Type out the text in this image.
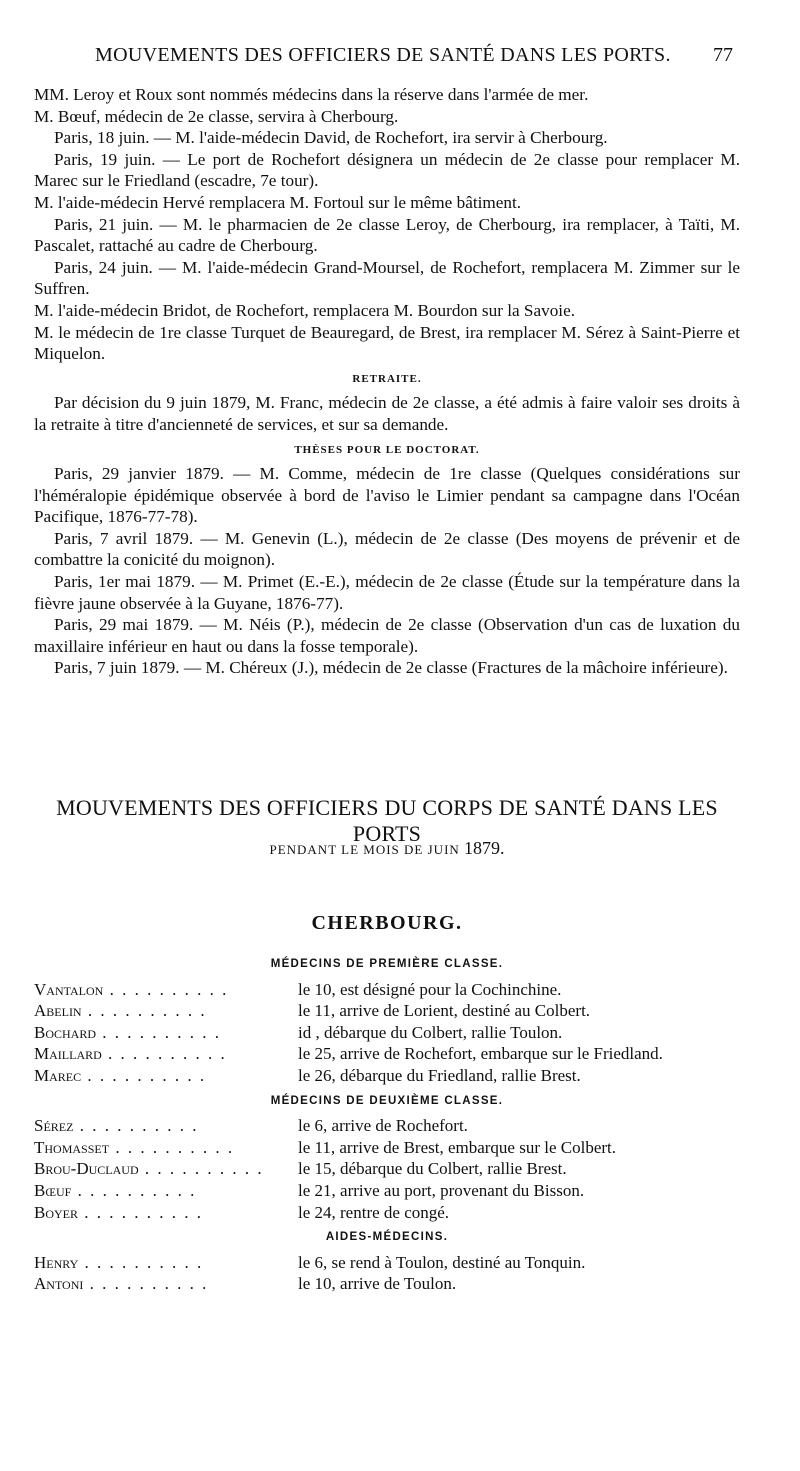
MOUVEMENTS DES OFFICIERS DE SANTÉ DANS LES PORTS. 77

MM. Leroy et Roux sont nommés médecins dans la réserve dans l'armée de mer.

M. Bœuf, médecin de 2e classe, servira à Cherbourg.

Paris, 18 juin. — M. l'aide-médecin David, de Rochefort, ira servir à Cherbourg.

Paris, 19 juin. — Le port de Rochefort désignera un médecin de 2e classe pour remplacer M. Marec sur le Friedland (escadre, 7e tour).

M. l'aide-médecin Hervé remplacera M. Fortoul sur le même bâtiment.

Paris, 21 juin. — M. le pharmacien de 2e classe Leroy, de Cherbourg, ira remplacer, à Taïti, M. Pascalet, rattaché au cadre de Cherbourg.

Paris, 24 juin. — M. l'aide-médecin Grand-Moursel, de Rochefort, remplacera M. Zimmer sur le Suffren.

M. l'aide-médecin Bridot, de Rochefort, remplacera M. Bourdon sur la Savoie.

M. le médecin de 1re classe Turquet de Beauregard, de Brest, ira remplacer M. Sérez à Saint-Pierre et Miquelon.

RETRAITE.

Par décision du 9 juin 1879, M. Franc, médecin de 2e classe, a été admis à faire valoir ses droits à la retraite à titre d'ancienneté de services, et sur sa demande.

THÈSES POUR LE DOCTORAT.

Paris, 29 janvier 1879. — M. Comme, médecin de 1re classe (Quelques considérations sur l'héméralopie épidémique observée à bord de l'aviso le Limier pendant sa campagne dans l'Océan Pacifique, 1876-77-78).

Paris, 7 avril 1879. — M. Genevin (L.), médecin de 2e classe (Des moyens de prévenir et de combattre la conicité du moignon).

Paris, 1er mai 1879. — M. Primet (E.-E.), médecin de 2e classe (Étude sur la température dans la fièvre jaune observée à la Guyane, 1876-77).

Paris, 29 mai 1879. — M. Néis (P.), médecin de 2e classe (Observation d'un cas de luxation du maxillaire inférieur en haut ou dans la fosse temporale).

Paris, 7 juin 1879. — M. Chéreux (J.), médecin de 2e classe (Fractures de la mâchoire inférieure).

MOUVEMENTS DES OFFICIERS DU CORPS DE SANTÉ DANS LES PORTS
PENDANT LE MOIS DE JUIN 1879.
CHERBOURG.
MÉDECINS DE PREMIÈRE CLASSE.
Vantalon . . . . . . . . . .	le 10, est désigné pour la Cochinchine.
Abelin . . . . . . . . . .	le 11, arrive de Lorient, destiné au Colbert.
Bochard . . . . . . . . . .	id , débarque du Colbert, rallie Toulon.
Maillard . . . . . . . . . .	le 25, arrive de Rochefort, embarque sur le Friedland.
Marec . . . . . . . . . .	le 26, débarque du Friedland, rallie Brest.
MÉDECINS DE DEUXIÈME CLASSE.
Sérez . . . . . . . . . .	le 6, arrive de Rochefort.
Thomasset . . . . . . . . . .	le 11, arrive de Brest, embarque sur le Colbert.
Brou-Duclaud . . . . . . . . . .	le 15, débarque du Colbert, rallie Brest.
Bœuf . . . . . . . . . .	le 21, arrive au port, provenant du Bisson.
Boyer . . . . . . . . . .	le 24, rentre de congé.
AIDES-MÉDECINS.
Henry . . . . . . . . . .	le 6, se rend à Toulon, destiné au Tonquin.
Antoni . . . . . . . . . .	le 10, arrive de Toulon.
